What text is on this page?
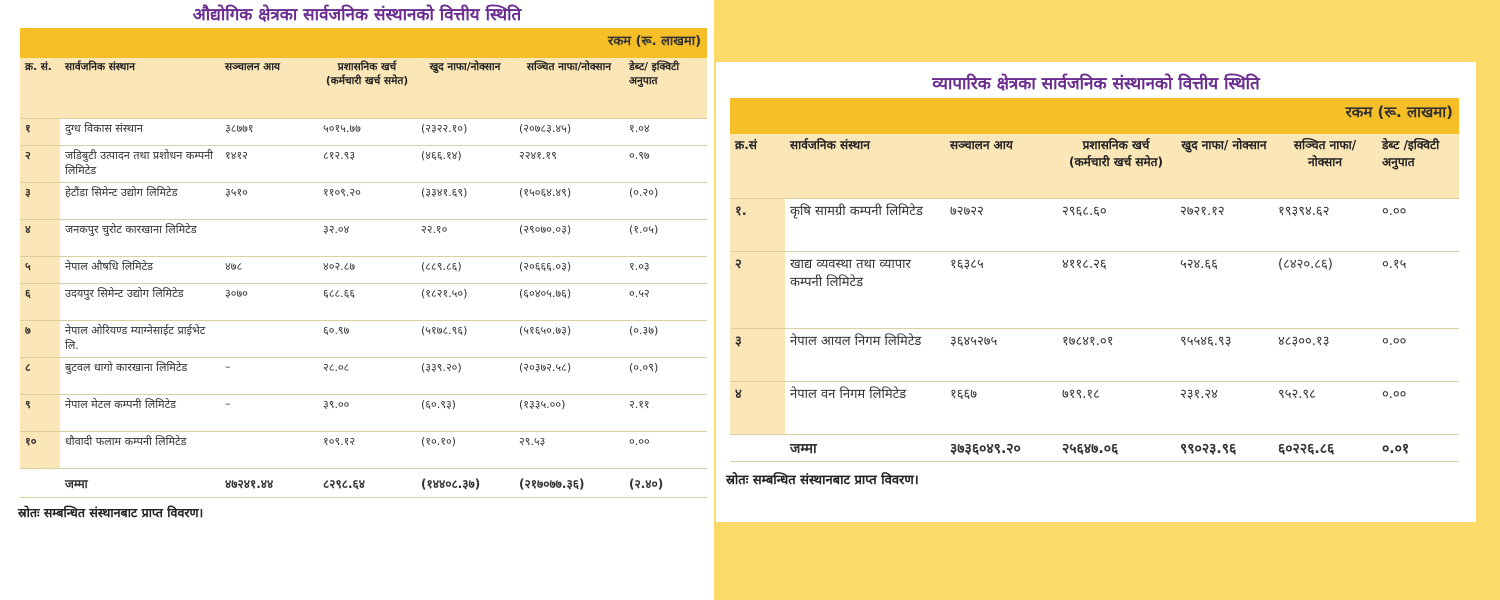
औद्योगिक क्षेत्रका सार्वजनिक संस्थानको वित्तीय स्थिति
रकम (रू. लाखमा)						
क्र. सं.	सार्वजनिक संस्थान	सञ्चालन आय	प्रशासनिक खर्च (कर्मचारी खर्च समेत)	खुद नाफा/नोक्सान	सञ्चित नाफा/नोक्सान	डेब्ट/ इक्विटी अनुपात
१	दुग्ध विकास संस्थान	३८७७१	५०१५.७७	(२३२२.१०)	(२०७८३.४५)	१.०४
२	जडिबुटी उत्पादन तथा प्रशोधन कम्पनी लिमिटेड	१४१२	८१२.९३	(४६६.१४)	२२४१.१९	०.९७
३	हेटौंडा सिमेन्ट उद्योग लिमिटेड	३५१०	११०९.२०	(३३४१.६९)	(१५०६४.४९)	(०.२०)
४	जनकपुर चुरोट कारखाना लिमिटेड		३२.०४	२२.१०	(२९०७०.०३)	(१.०५)
५	नेपाल औषधि लिमिटेड	४७८	४०२.८७	(८८९.८६)	(२०६६६.०३)	१.०३
६	उदयपुर सिमेन्ट उद्योग लिमिटेड	३०७०	६८८.६६	(१८२१.५०)	(६०४०५.७६)	०.५२
७	नेपाल ओरियण्ड म्याग्नेसाईट प्राईभेट लि.		६०.९७	(५१७८.९६)	(५१६५०.७३)	(०.३७)
८	बुटवल धागो कारखाना लिमिटेड	–	२८.०८	(३३९.२०)	(२०३७२.५८)	(०.०९)
९	नेपाल मेटल कम्पनी लिमिटेड	–	३९.००	(६०.९३)	(१३३५.००)	२.११
१०	धौवादी फलाम कम्पनी लिमिटेड		१०९.१२	(१०.१०)	२९.५३	०.००
	जम्मा	४७२४१.४४	८२९८.६४	(१४४०८.३७)	(२१७०७७.३६)	(२.४०)
स्रोतः सम्बन्धित संस्थानबाट प्राप्त विवरण।
व्यापारिक क्षेत्रका सार्वजनिक संस्थानको वित्तीय स्थिति
रकम (रू. लाखमा)						
क्र.सं	सार्वजनिक संस्थान	सञ्चालन आय	प्रशासनिक खर्च (कर्मचारी खर्च समेत)	खुद नाफा/ नोक्सान	सञ्चित नाफा/ नोक्सान	डेब्ट /इक्विटी अनुपात
१.	कृषि सामग्री कम्पनी लिमिटेड	७२७२२	२९६८.६०	२७२१.१२	१९३९४.६२	०.००
२	खाद्य व्यवस्था तथा व्यापार कम्पनी लिमिटेड	१६३८५	४११८.२६	५२४.६६	(८४२०.८६)	०.१५
३	नेपाल आयल निगम लिमिटेड	३६४५२७५	१७८४१.०१	९५५४६.९३	४८३००.१३	०.००
४	नेपाल वन निगम लिमिटेड	१६६७	७१९.१८	२३१.२४	९५२.९८	०.००
	जम्मा	३७३६०४९.२०	२५६४७.०६	९९०२३.९६	६०२२६.८६	०.०१
स्रोतः सम्बन्धित संस्थानबाट प्राप्त विवरण।
